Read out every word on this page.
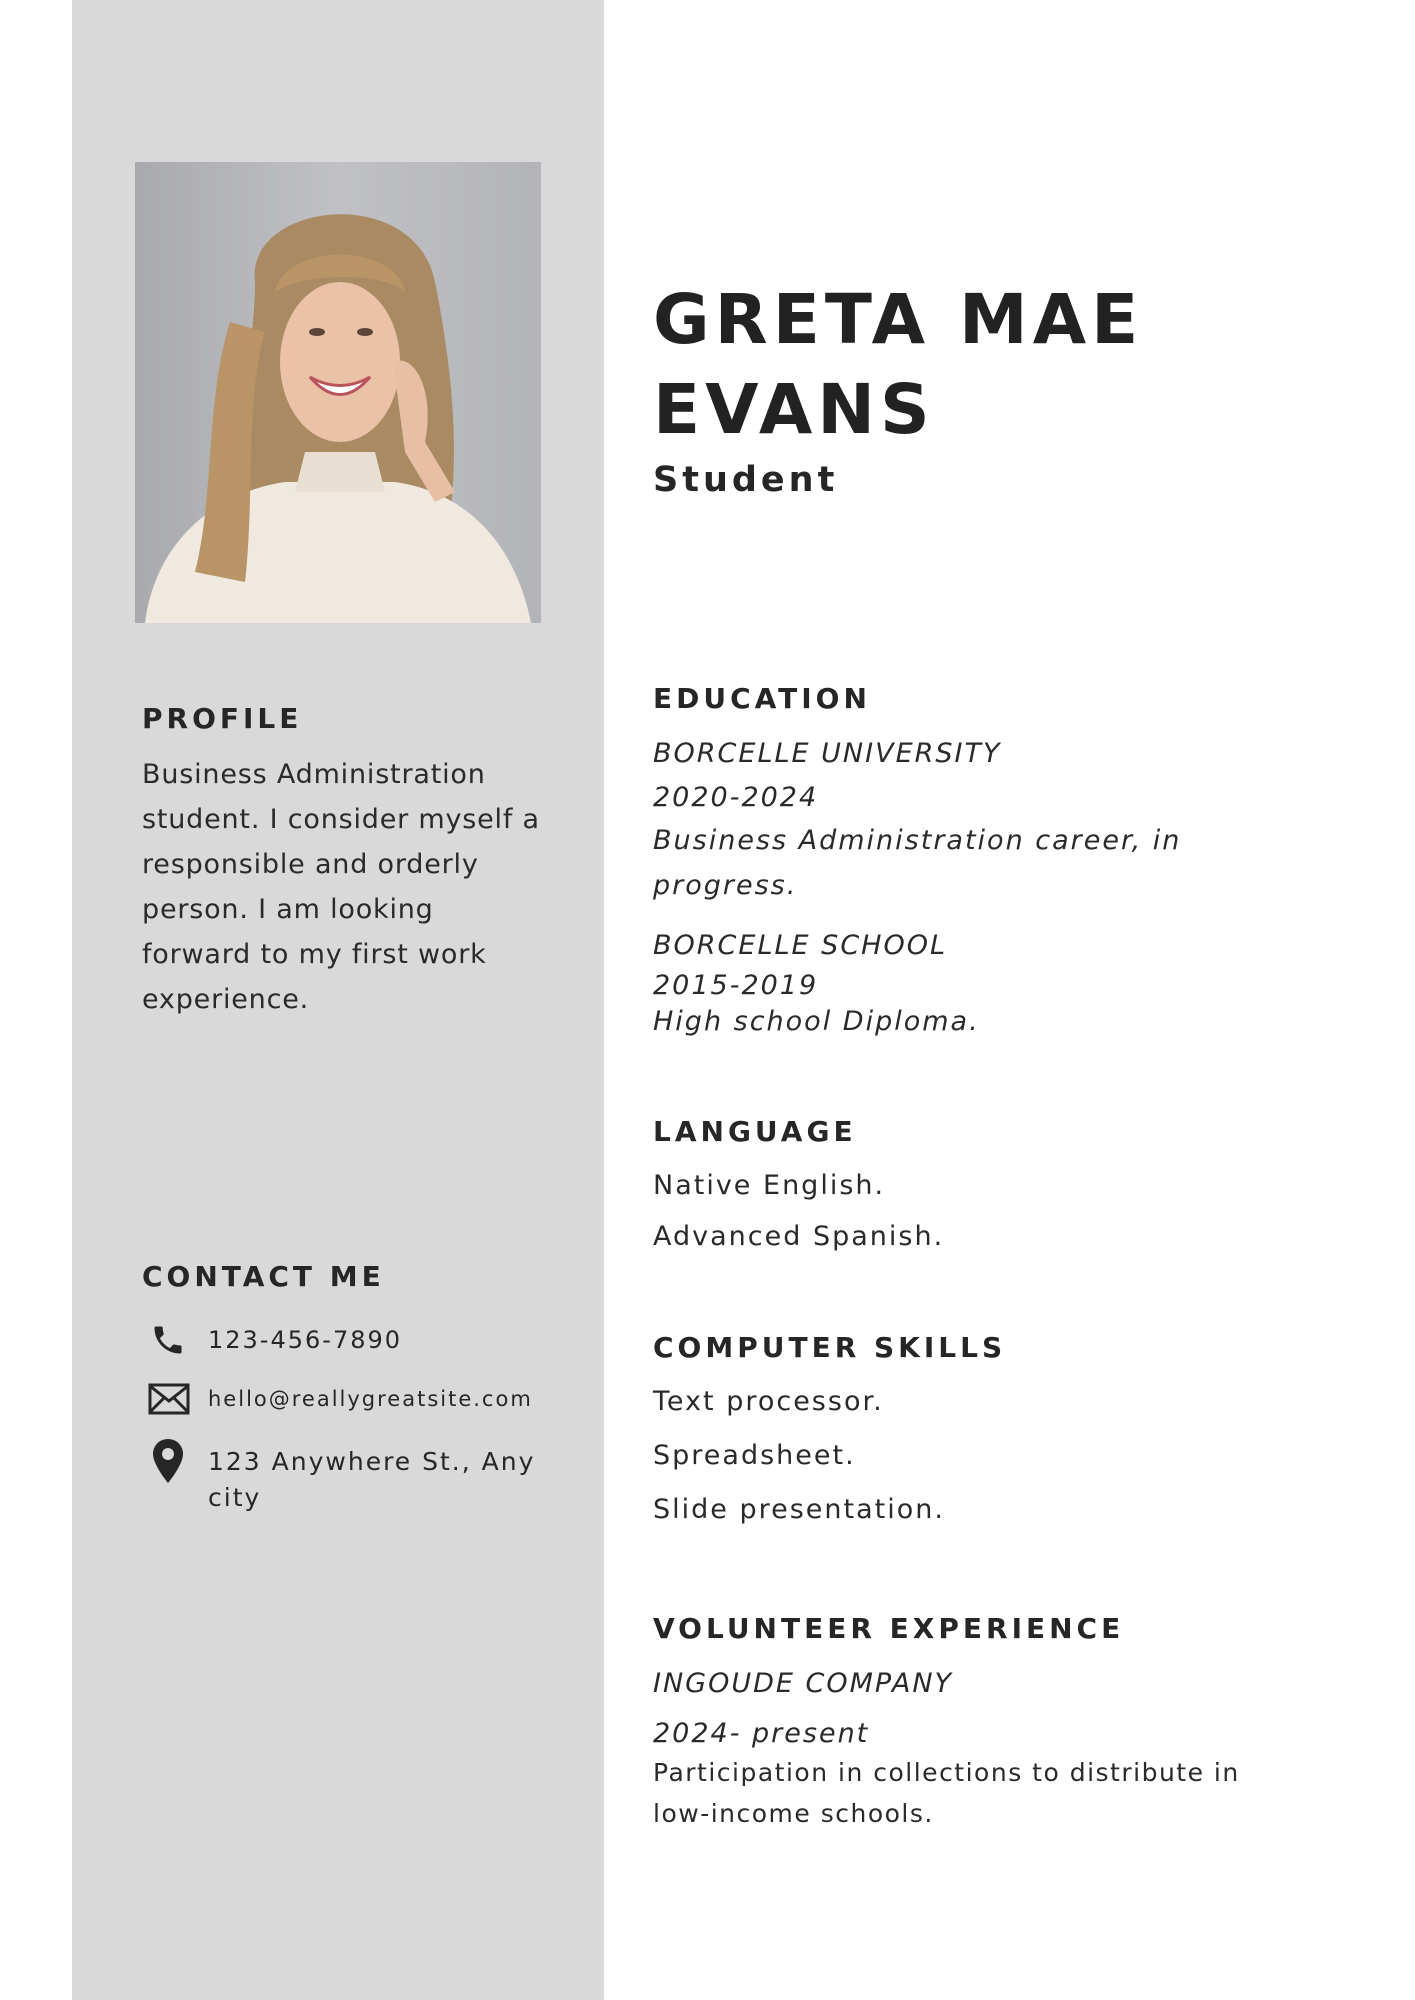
PROFILE

Business Administration student. I consider myself a responsible and orderly person. I am looking forward to my first work experience.

CONTACT ME

123-456-7890

hello@reallygreatsite.com

123 Anywhere St., Any city

GRETA MAE
EVANS

Student

EDUCATION

BORCELLE UNIVERSITY

2020-2024

Business Administration career, in progress.

BORCELLE SCHOOL

2015-2019

High school Diploma.

LANGUAGE

Native English.

Advanced Spanish.

COMPUTER SKILLS

Text processor.

Spreadsheet.

Slide presentation.

VOLUNTEER EXPERIENCE

INGOUDE COMPANY

2024- present

Participation in collections to distribute in low-income schools.
